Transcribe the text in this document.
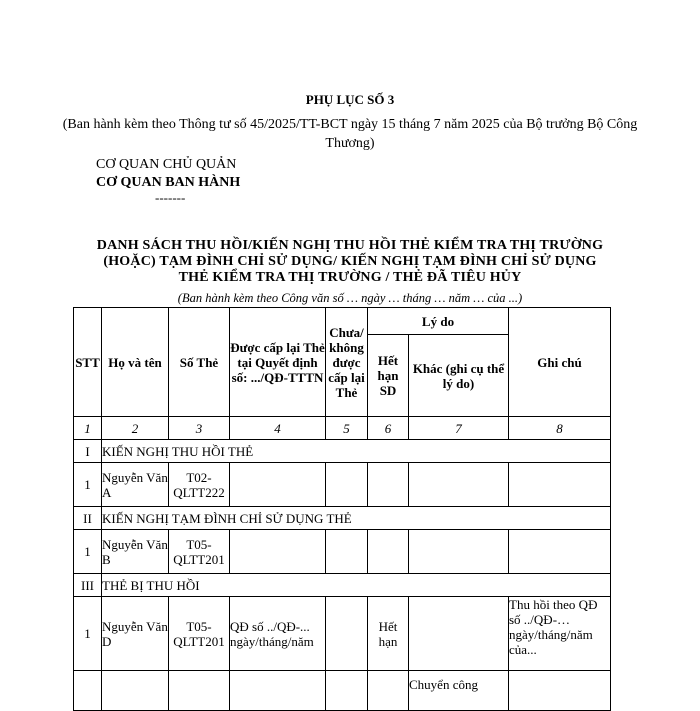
PHỤ LỤC SỐ 3
(Ban hành kèm theo Thông tư số 45/2025/TT-BCT ngày 15 tháng 7 năm 2025 của Bộ trưởng Bộ Công Thương)
CƠ QUAN CHỦ QUẢN
CƠ QUAN BAN HÀNH
-------
DANH SÁCH THU HỒI/KIẾN NGHỊ THU HỒI THẺ KIỂM TRA THỊ TRƯỜNG
(HOẶC) TẠM ĐÌNH CHỈ SỬ DỤNG/ KIẾN NGHỊ TẠM ĐÌNH CHỈ SỬ DỤNG
THẺ KIỂM TRA THỊ TRƯỜNG / THẺ ĐÃ TIÊU HỦY
(Ban hành kèm theo Công văn số … ngày … tháng … năm … của ...)
STT	Họ và tên	Số Thẻ	Được cấp lại Thẻ tại Quyết định số: .../QĐ-TTTN	Chưa/ không được cấp lại Thẻ	Lý do		Ghi chú
					Hết hạn SD	Khác (ghi cụ thể lý do)	
1	2	3	4	5	6	7	8
I	KIẾN NGHỊ THU HỒI THẺ						
1	Nguyễn Văn A	T02-QLTT222					
II	KIẾN NGHỊ TẠM ĐÌNH CHỈ SỬ DỤNG THẺ						
1	Nguyễn Văn B	T05-QLTT201					
III	THẺ BỊ THU HỒI						
1	Nguyễn Văn D	T05-QLTT201	QĐ số ../QĐ-... ngày/tháng/năm		Hết hạn		Thu hồi theo QĐ số ../QĐ-… ngày/tháng/năm của...
						Chuyển công	
